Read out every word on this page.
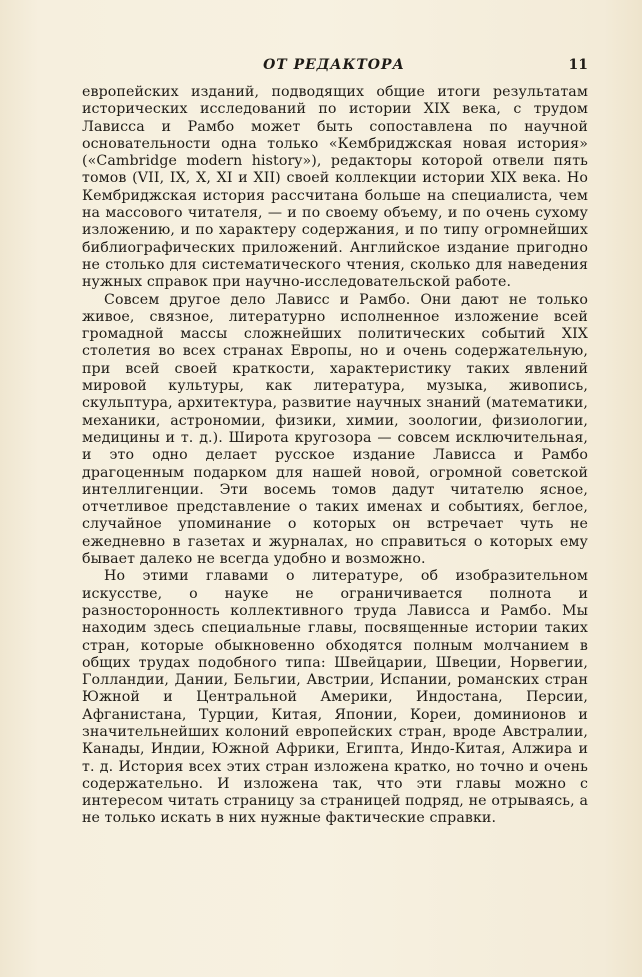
ОТ РЕДАКТОРА	11

европейских изданий, подводящих общие итоги результатам исторических исследований по истории XIX века, с трудом Лависса и Рамбо может быть сопоставлена по научной основательности одна только «Кембриджская новая история» («Cambridge modern history»), редакторы которой отвели пять томов (VII, IX, X, XI и XII) своей коллекции истории XIX века. Но Кембриджская история рассчитана больше на специалиста, чем на массового читателя, — и по своему объему, и по очень сухому изложению, и по характеру содержания, и по типу огромнейших библиографических приложений. Английское издание пригодно не столько для систематического чтения, сколько для наведения нужных справок при научно-исследовательской работе.

Совсем другое дело Лависс и Рамбо. Они дают не только живое, связное, литературно исполненное изложение всей громадной массы сложнейших политических событий XIX столетия во всех странах Европы, но и очень содержательную, при всей своей краткости, характеристику таких явлений мировой культуры, как литература, музыка, живопись, скульптура, архитектура, развитие научных знаний (математики, механики, астрономии, физики, химии, зоологии, физиологии, медицины и т. д.). Широта кругозора — совсем исключительная, и это одно делает русское издание Лависса и Рамбо драгоценным подарком для нашей новой, огромной советской интеллигенции. Эти восемь томов дадут читателю ясное, отчетливое представление о таких именах и событиях, беглое, случайное упоминание о которых он встречает чуть не ежедневно в газетах и журналах, но справиться о которых ему бывает далеко не всегда удобно и возможно.

Но этими главами о литературе, об изобразительном искусстве, о науке не ограничивается полнота и разносторонность коллективного труда Лависса и Рамбо. Мы находим здесь специальные главы, посвященные истории таких стран, которые обыкновенно обходятся полным молчанием в общих трудах подобного типа: Швейцарии, Швеции, Норвегии, Голландии, Дании, Бельгии, Австрии, Испании, романских стран Южной и Центральной Америки, Индостана, Персии, Афганистана, Турции, Китая, Японии, Кореи, доминионов и значительнейших колоний европейских стран, вроде Австралии, Канады, Индии, Южной Африки, Египта, Индо-Китая, Алжира и т. д. История всех этих стран изложена кратко, но точно и очень содержательно. И изложена так, что эти главы можно с интересом читать страницу за страницей подряд, не отрываясь, а не только искать в них нужные фактические справки.
